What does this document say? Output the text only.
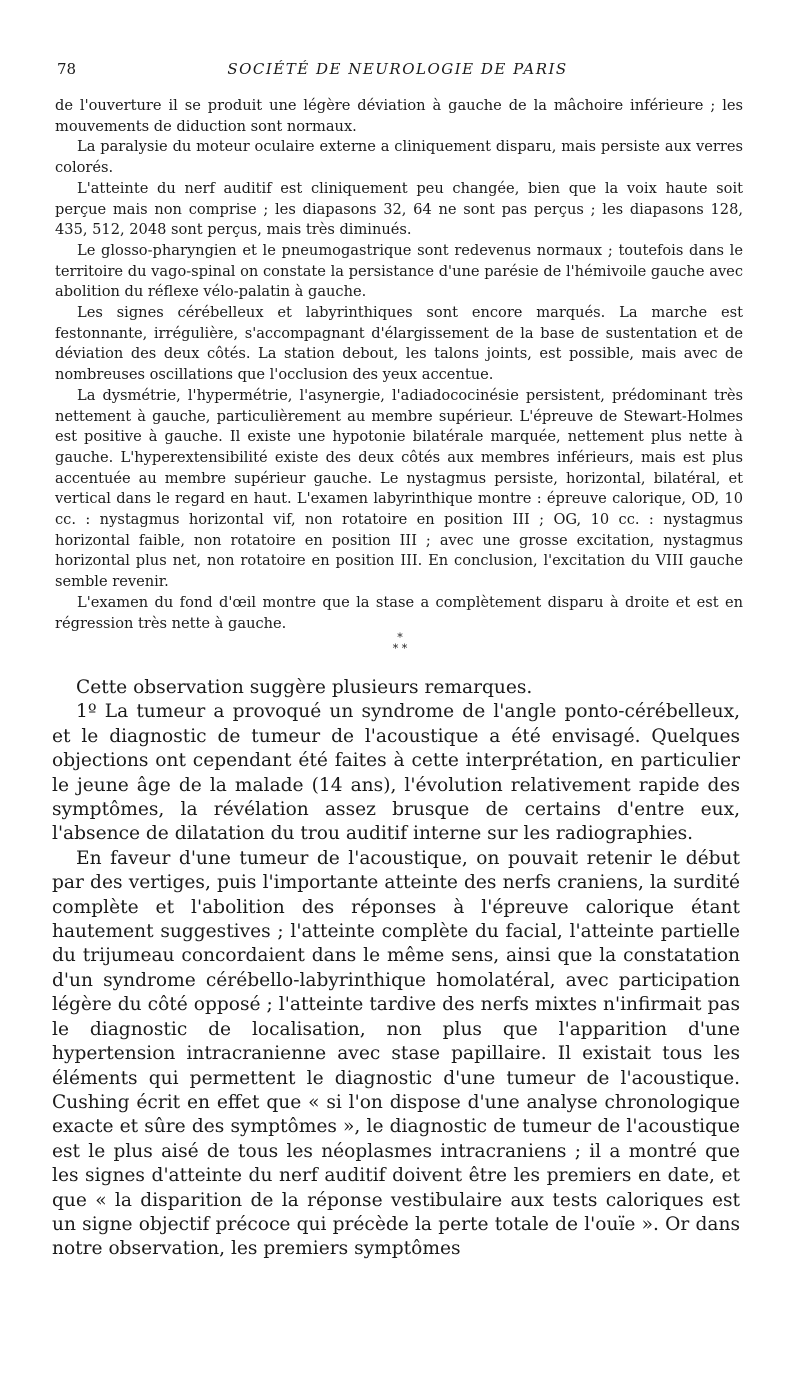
78	SOCIÉTÉ DE NEUROLOGIE DE PARIS

de l'ouverture il se produit une légère déviation à gauche de la mâchoire inférieure ; les mouvements de diduction sont normaux.

La paralysie du moteur oculaire externe a cliniquement disparu, mais persiste aux verres colorés.

L'atteinte du nerf auditif est cliniquement peu changée, bien que la voix haute soit perçue mais non comprise ; les diapasons 32, 64 ne sont pas perçus ; les diapasons 128, 435, 512, 2048 sont perçus, mais très diminués.

Le glosso-pharyngien et le pneumogastrique sont redevenus normaux ; toutefois dans le territoire du vago-spinal on constate la persistance d'une parésie de l'hémivoile gauche avec abolition du réflexe vélo-palatin à gauche.

Les signes cérébelleux et labyrinthiques sont encore marqués. La marche est festonnante, irrégulière, s'accompagnant d'élargissement de la base de sustentation et de déviation des deux côtés. La station debout, les talons joints, est possible, mais avec de nombreuses oscillations que l'occlusion des yeux accentue.

La dysmétrie, l'hypermétrie, l'asynergie, l'adiadococinésie persistent, prédominant très nettement à gauche, particulièrement au membre supérieur. L'épreuve de Stewart-Holmes est positive à gauche. Il existe une hypotonie bilatérale marquée, nettement plus nette à gauche. L'hyperextensibilité existe des deux côtés aux membres inférieurs, mais est plus accentuée au membre supérieur gauche. Le nystagmus persiste, horizontal, bilatéral, et vertical dans le regard en haut. L'examen labyrinthique montre : épreuve calorique, OD, 10 cc. : nystagmus horizontal vif, non rotatoire en position III ; OG, 10 cc. : nystagmus horizontal faible, non rotatoire en position III ; avec une grosse excitation, nystagmus horizontal plus net, non rotatoire en position III. En conclusion, l'excitation du VIII gauche semble revenir.

L'examen du fond d'œil montre que la stase a complètement disparu à droite et est en régression très nette à gauche.

*
* *

Cette observation suggère plusieurs remarques.

1º La tumeur a provoqué un syndrome de l'angle ponto-cérébelleux, et le diagnostic de tumeur de l'acoustique a été envisagé. Quelques objections ont cependant été faites à cette interprétation, en particulier le jeune âge de la malade (14 ans), l'évolution relativement rapide des symptômes, la révélation assez brusque de certains d'entre eux, l'absence de dilatation du trou auditif interne sur les radiographies.

En faveur d'une tumeur de l'acoustique, on pouvait retenir le début par des vertiges, puis l'importante atteinte des nerfs craniens, la surdité complète et l'abolition des réponses à l'épreuve calorique étant hautement suggestives ; l'atteinte complète du facial, l'atteinte partielle du trijumeau concordaient dans le même sens, ainsi que la constatation d'un syndrome cérébello-labyrinthique homolatéral, avec participation légère du côté opposé ; l'atteinte tardive des nerfs mixtes n'infirmait pas le diagnostic de localisation, non plus que l'apparition d'une hypertension intracranienne avec stase papillaire. Il existait tous les éléments qui permettent le diagnostic d'une tumeur de l'acoustique. Cushing écrit en effet que « si l'on dispose d'une analyse chronologique exacte et sûre des symptômes », le diagnostic de tumeur de l'acoustique est le plus aisé de tous les néoplasmes intracraniens ; il a montré que les signes d'atteinte du nerf auditif doivent être les premiers en date, et que « la disparition de la réponse vestibulaire aux tests caloriques est un signe objectif précoce qui précède la perte totale de l'ouïe ». Or dans notre observation, les premiers symptômes
